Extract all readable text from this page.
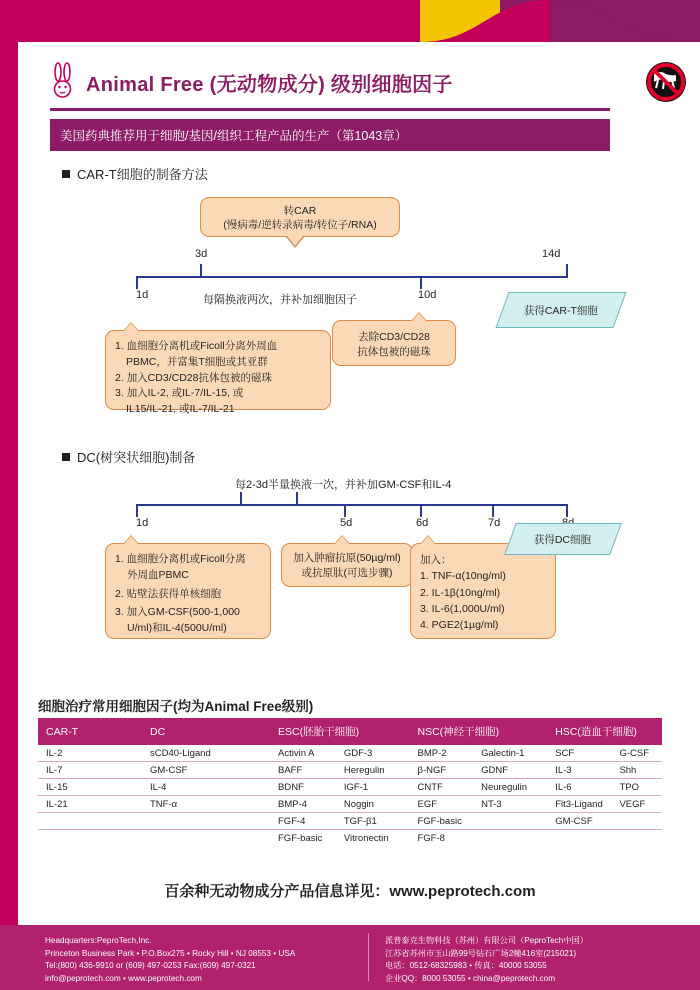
Animal Free (无动物成分) 级别细胞因子
美国药典推荐用于细胞/基因/组织工程产品的生产（第1043章）
CAR-T细胞的制备方法
转CAR
(慢病毒/逆转录病毒/转位子/RNA)
1d
3d
10d
14d
每隔换液两次，并补加细胞因子
1. 血细胞分离机或Ficoll分离外周血
PBMC，并富集T细胞或其亚群
2. 加入CD3/CD28抗体包被的磁珠
3. 加入IL-2, 或IL-7/IL-15, 或
IL15/IL-21, 或IL-7/IL-21
去除CD3/CD28
抗体包被的磁珠
获得CAR-T细胞
DC(树突状细胞)制备
每2-3d半量换液一次，并补加GM-CSF和IL-4
1d	5d	6d	7d
1. 血细胞分离机或Ficoll分离
外周血PBMC
2. 贴壁法获得单核细胞
3. 加入GM-CSF(500-1,000
U/ml)和IL-4(500U/ml)
加入肿瘤抗原(50µg/ml)
或抗原肽(可选步骤)
加入：
1. TNF-α(10ng/ml)
2. IL-1β(10ng/ml)
3. IL-6(1,000U/ml)
4. PGE2(1µg/ml)
获得DC细胞
细胞治疗常用细胞因子(均为Animal Free级别)
CAR-T	DC	ESC(胚胎干细胞)		NSC(神经干细胞)		HSC(造血干细胞)	
IL-2	sCD40-Ligand	Activin A	GDF-3	BMP-2	Galectin-1	SCF	G-CSF
IL-7	GM-CSF	BAFF	Heregulin	β-NGF	GDNF	IL-3	Shh
IL-15	IL-4	BDNF	IGF-1	CNTF	Neuregulin	IL-6	TPO
IL-21	TNF-α	BMP-4	Noggin	EGF	NT-3	Flt3-Ligand	VEGF
		FGF-4	TGF-β1	FGF-basic		GM-CSF	
		FGF-basic	Vitronectin	FGF-8			
百余种无动物成分产品信息详见：www.peprotech.com
Headquarters:PeproTech,Inc.
Princeton Business Park • P.O.Box275 • Rocky Hill • NJ 08553 • USA
Tel:(800) 436-9910 or (609) 497-0253 Fax:(609) 497-0321
info@peprotech.com • www.peprotech.com
派普泰克生物科技（苏州）有限公司（PeproTech中国）
江苏省苏州市玉山路99号钻石广场2幢416室(215021)
电话：0512-68325983 • 传真：40000 53055
企业QQ：8000 53055 • china@peprotech.com
